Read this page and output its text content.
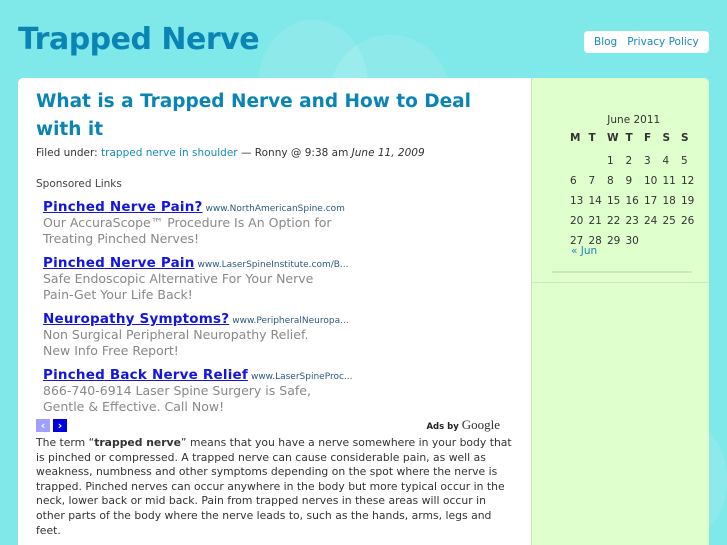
Trapped Nerve	Blog Privacy Policy
What is a Trapped Nerve and How to Deal with it
Filed under: trapped nerve in shoulder — Ronny @ 9:38 am June 11, 2009
Sponsored Links
Pinched Nerve Pain? www.NorthAmericanSpine.com
Our AccuraScope™ Procedure Is An Option for
Treating Pinched Nerves!
Pinched Nerve Pain www.LaserSpineInstitute.com/B...
Safe Endoscopic Alternative For Your Nerve
Pain-Get Your Life Back!
Neuropathy Symptoms? www.PeripheralNeuropa...
Non Surgical Peripheral Neuropathy Relief.
New Info Free Report!
Pinched Back Nerve Relief www.LaserSpineProc...
866-740-6914 Laser Spine Surgery is Safe,
Gentle & Effective. Call Now!
‹	›	Ads by Google

The term “trapped nerve” means that you have a nerve somewhere in your body that is pinched or compressed. A trapped nerve can cause considerable pain, as well as weakness, numbness and other symptoms depending on the spot where the nerve is trapped. Pinched nerves can occur anywhere in the body but more typical occur in the neck, lower back or mid back. Pain from trapped nerves in these areas will occur in other parts of the body where the nerve leads to, such as the hands, arms, legs and feet.

June 2011
M	T	W	T	F	S	S
		1	2	3	4	5
6	7	8	9	10	11	12
13	14	15	16	17	18	19
20	21	22	23	24	25	26
27	28	29	30			
« Jun
